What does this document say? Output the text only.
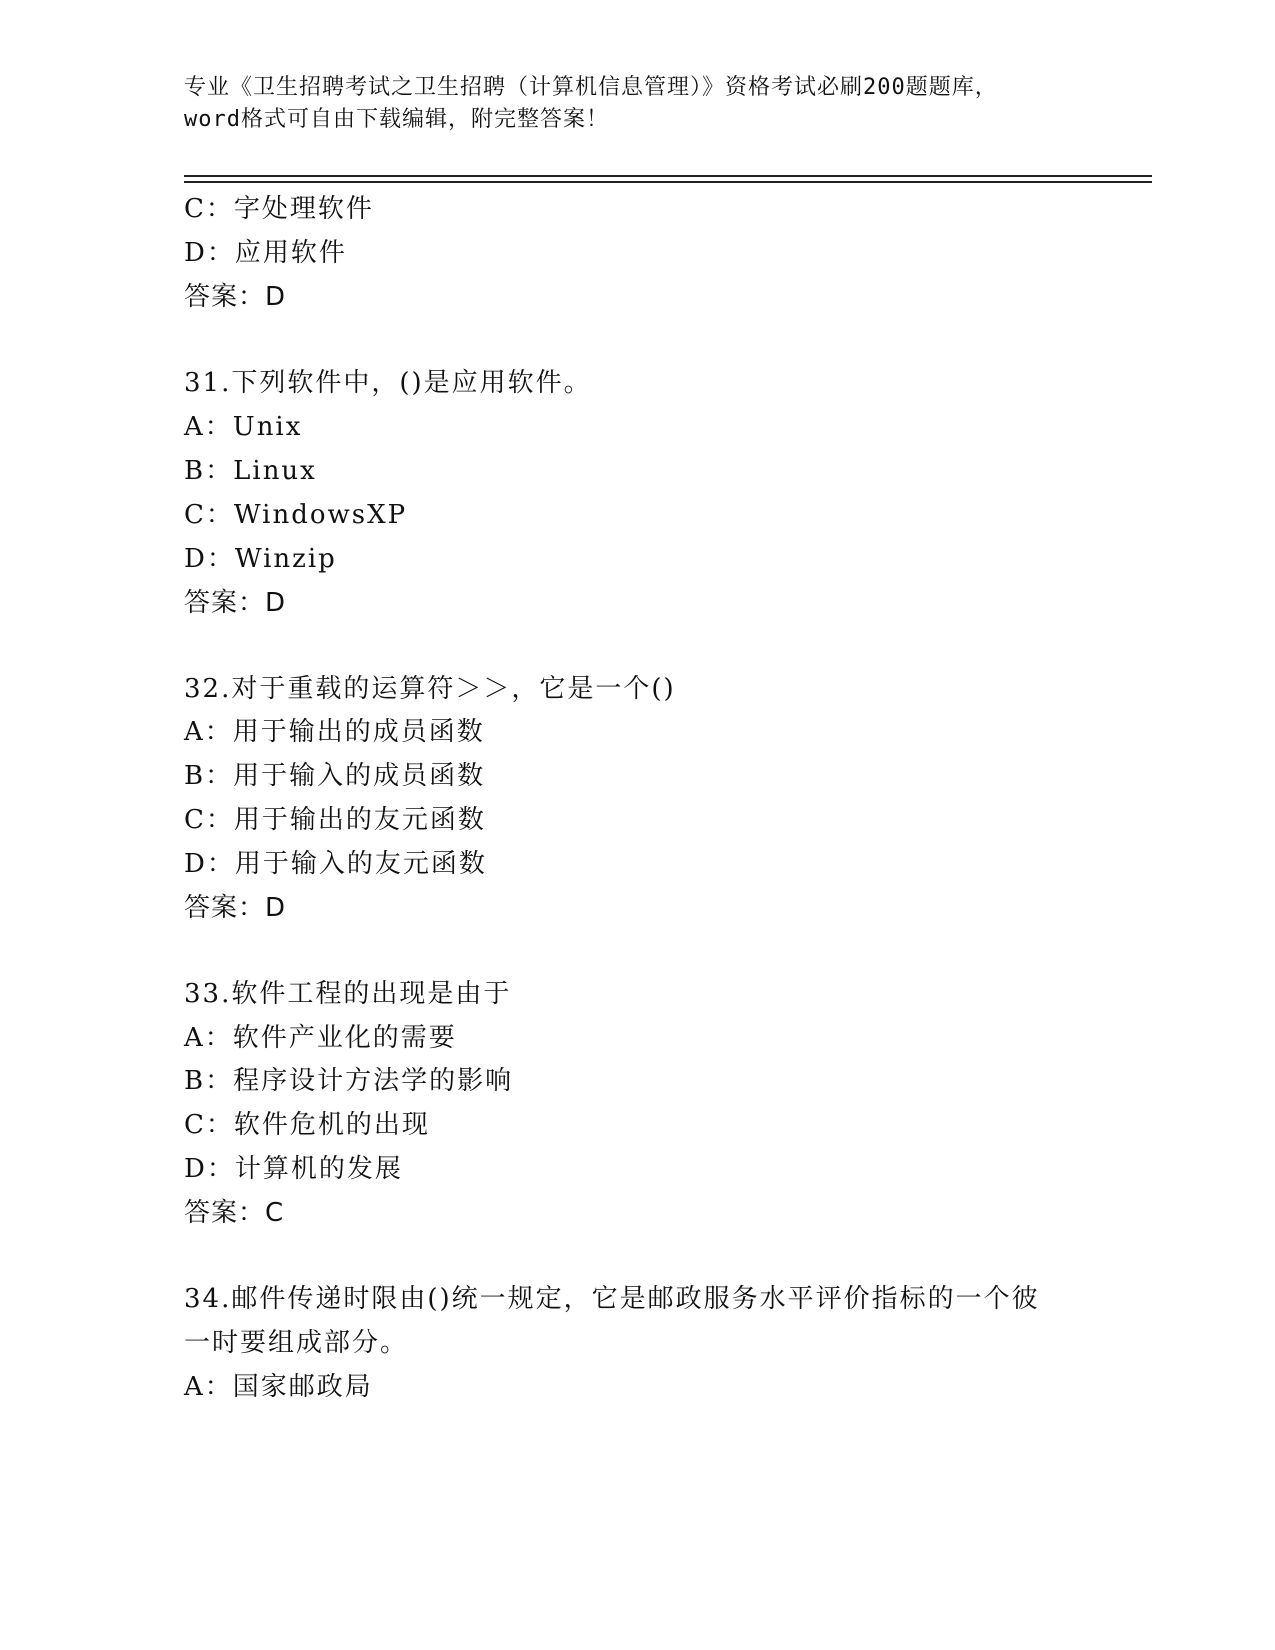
专业《卫生招聘考试之卫生招聘（计算机信息管理）》资格考试必刷200题题库，
word格式可自由下载编辑，附完整答案！
C：字处理软件
D：应用软件
答案：D
31.下列软件中，()是应用软件。
A：Unix
B：Linux
C：WindowsXP
D：Winzip
答案：D
32.对于重载的运算符＞＞，它是一个()
A：用于输出的成员函数
B：用于输入的成员函数
C：用于输出的友元函数
D：用于输入的友元函数
答案：D
33.软件工程的出现是由于
A：软件产业化的需要
B：程序设计方法学的影响
C：软件危机的出现
D：计算机的发展
答案：C
34.邮件传递时限由()统一规定，它是邮政服务水平评价指标的一个彼
一时要组成部分。
A：国家邮政局
